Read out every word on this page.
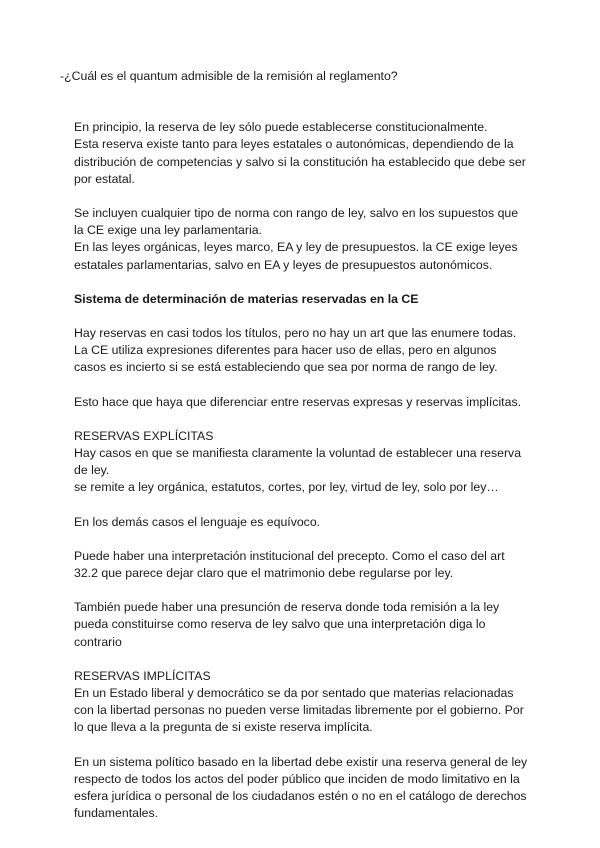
-¿Cuál es el quantum admisible de la remisión al reglamento?

En principio, la reserva de ley sólo puede establecerse constitucionalmente.

Esta reserva existe tanto para leyes estatales o autonómicas, dependiendo de la distribución de competencias y salvo si la constitución ha establecido que debe ser por estatal.

Se incluyen cualquier tipo de norma con rango de ley, salvo en los supuestos que la CE exige una ley parlamentaria.

En las leyes orgánicas, leyes marco, EA y ley de presupuestos. la CE exige leyes estatales parlamentarias, salvo en EA y leyes de presupuestos autonómicos.

Sistema de determinación de materias reservadas en la CE

Hay reservas en casi todos los títulos, pero no hay un art que las enumere todas.

La CE utiliza expresiones diferentes para hacer uso de ellas, pero en algunos casos es incierto si se está estableciendo que sea por norma de rango de ley.

Esto hace que haya que diferenciar entre reservas expresas y reservas implícitas.

RESERVAS EXPLÍCITAS

Hay casos en que se manifiesta claramente la voluntad de establecer una reserva de ley.

se remite a ley orgánica, estatutos, cortes, por ley, virtud de ley, solo por ley…

En los demás casos el lenguaje es equívoco.

Puede haber una interpretación institucional del precepto. Como el caso del art 32.2 que parece dejar claro que el matrimonio debe regularse por ley.

También puede haber una presunción de reserva donde toda remisión a la ley pueda constituirse como reserva de ley salvo que una interpretación diga lo contrario

RESERVAS IMPLÍCITAS

En un Estado liberal y democrático se da por sentado que materias relacionadas con la libertad personas no pueden verse limitadas libremente por el gobierno. Por lo que lleva a la pregunta de si existe reserva implícita.

En un sistema político basado en la libertad debe existir una reserva general de ley respecto de todos los actos del poder público que inciden de modo limitativo en la esfera jurídica o personal de los ciudadanos estén o no en el catálogo de derechos fundamentales.
